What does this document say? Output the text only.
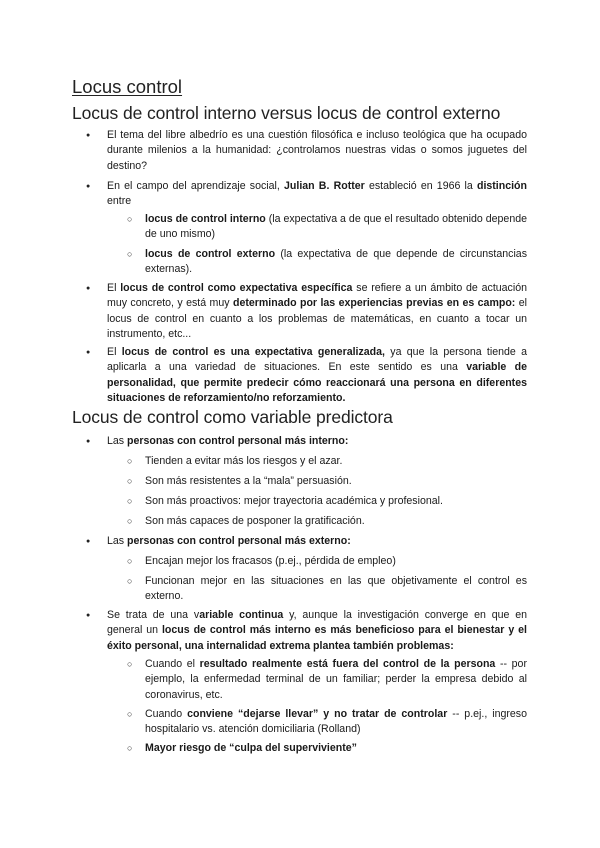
Locus control
Locus de control interno versus locus de control externo
● El tema del libre albedrío es una cuestión filosófica e incluso teológica que ha ocupado durante milenios a la humanidad: ¿controlamos nuestras vidas o somos juguetes del destino?
● En el campo del aprendizaje social, Julian B. Rotter estableció en 1966 la distinción entre
○ locus de control interno (la expectativa a de que el resultado obtenido depende de uno mismo)
○ locus de control externo (la expectativa de que depende de circunstancias externas).
● El locus de control como expectativa específica se refiere a un ámbito de actuación muy concreto, y está muy determinado por las experiencias previas en es campo: el locus de control en cuanto a los problemas de matemáticas, en cuanto a tocar un instrumento, etc...
● El locus de control es una expectativa generalizada, ya que la persona tiende a aplicarla a una variedad de situaciones. En este sentido es una variable de personalidad, que permite predecir cómo reaccionará una persona en diferentes situaciones de reforzamiento/no reforzamiento.
Locus de control como variable predictora
● Las personas con control personal más interno:
○ Tienden a evitar más los riesgos y el azar.
○ Son más resistentes a la “mala” persuasión.
○ Son más proactivos: mejor trayectoria académica y profesional.
○ Son más capaces de posponer la gratificación.
● Las personas con control personal más externo:
○ Encajan mejor los fracasos (p.ej., pérdida de empleo)
○ Funcionan mejor en las situaciones en las que objetivamente el control es externo.
● Se trata de una variable continua y, aunque la investigación converge en que en general un locus de control más interno es más beneficioso para el bienestar y el éxito personal, una internalidad extrema plantea también problemas:
○ Cuando el resultado realmente está fuera del control de la persona -- por ejemplo, la enfermedad terminal de un familiar; perder la empresa debido al coronavirus, etc.
○ Cuando conviene “dejarse llevar” y no tratar de controlar -- p.ej., ingreso hospitalario vs. atención domiciliaria (Rolland)
○ Mayor riesgo de “culpa del superviviente”
